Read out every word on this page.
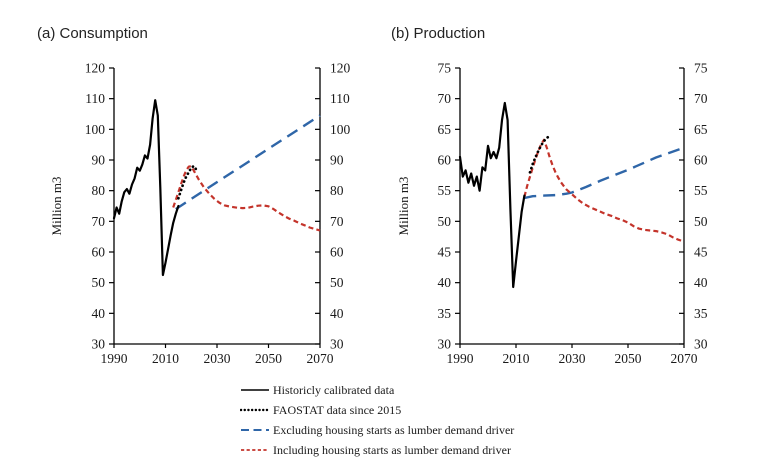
(a) Consumption	(b) Production
30	30
40	40
50	50
60	60
70	70
80	80
90	90
100	100
110	110
120	120
1990 2010 2030 2050 2070
Million m3
30	30
35	35
40	40
45	45
50	50
55	55
60	60
65	65
70	70
75	75
1990 2010 2030 2050 2070
Million m3
Historicly calibrated data
FAOSTAT data since 2015
Excluding housing starts as lumber demand driver
Including housing starts as lumber demand driver
